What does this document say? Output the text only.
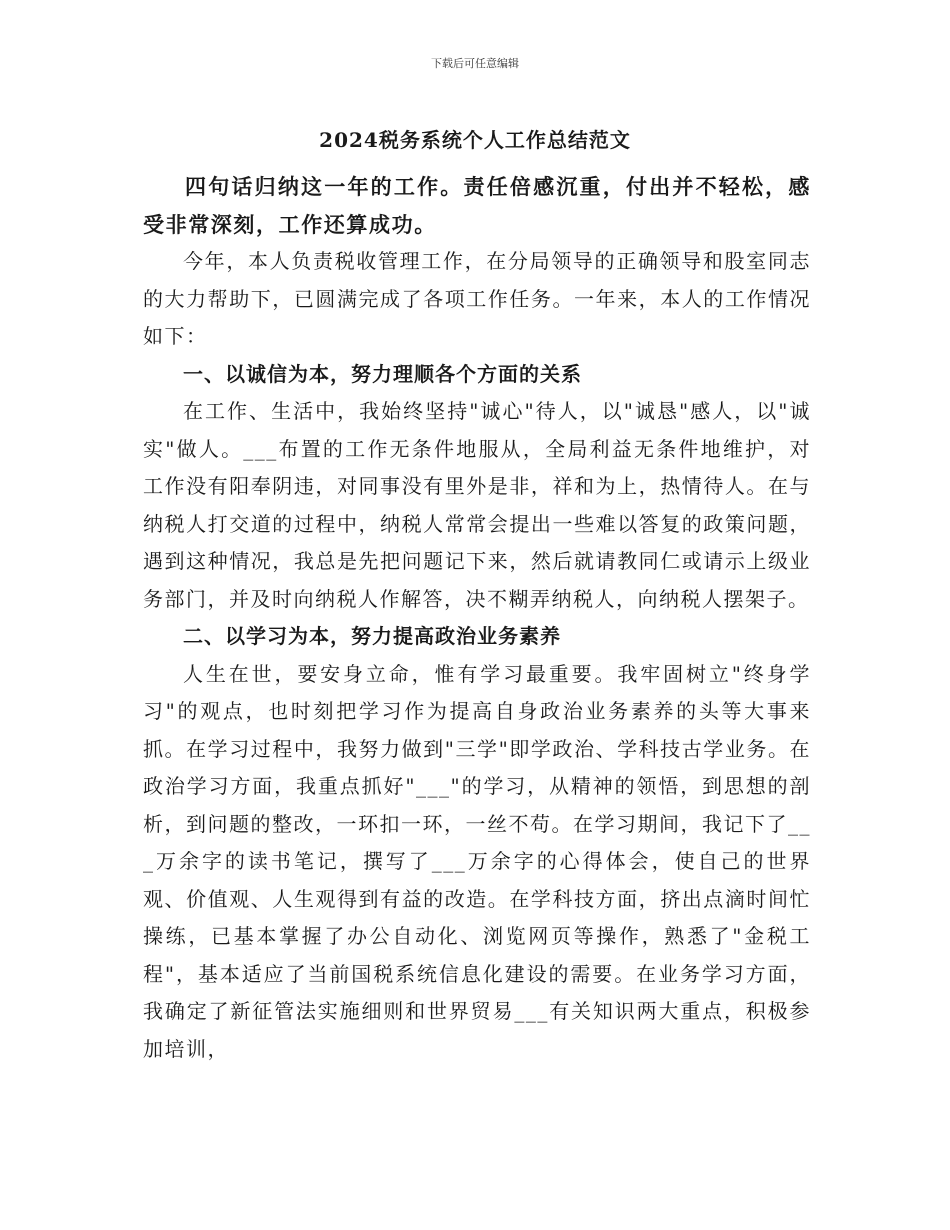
下载后可任意编辑
2024税务系统个人工作总结范文

四句话归纳这一年的工作。责任倍感沉重，付出并不轻松，感受非常深刻，工作还算成功。

今年，本人负责税收管理工作，在分局领导的正确领导和股室同志的大力帮助下，已圆满完成了各项工作任务。一年来，本人的工作情况如下：

一、以诚信为本，努力理顺各个方面的关系

在工作、生活中，我始终坚持"诚心"待人，以"诚恳"感人，以"诚实"做人。___布置的工作无条件地服从，全局利益无条件地维护，对工作没有阳奉阴违，对同事没有里外是非，祥和为上，热情待人。在与纳税人打交道的过程中，纳税人常常会提出一些难以答复的政策问题，遇到这种情况，我总是先把问题记下来，然后就请教同仁或请示上级业务部门，并及时向纳税人作解答，决不糊弄纳税人，向纳税人摆架子。

二、以学习为本，努力提高政治业务素养

人生在世，要安身立命，惟有学习最重要。我牢固树立"终身学习"的观点，也时刻把学习作为提高自身政治业务素养的头等大事来抓。在学习过程中，我努力做到"三学"即学政治、学科技古学业务。在政治学习方面，我重点抓好"___"的学习，从精神的领悟，到思想的剖析，到问题的整改，一环扣一环，一丝不苟。在学习期间，我记下了___万余字的读书笔记，撰写了___万余字的心得体会，使自己的世界观、价值观、人生观得到有益的改造。在学科技方面，挤出点滴时间忙操练，已基本掌握了办公自动化、浏览网页等操作，熟悉了"金税工程"，基本适应了当前国税系统信息化建设的需要。在业务学习方面，我确定了新征管法实施细则和世界贸易___有关知识两大重点，积极参加培训，
